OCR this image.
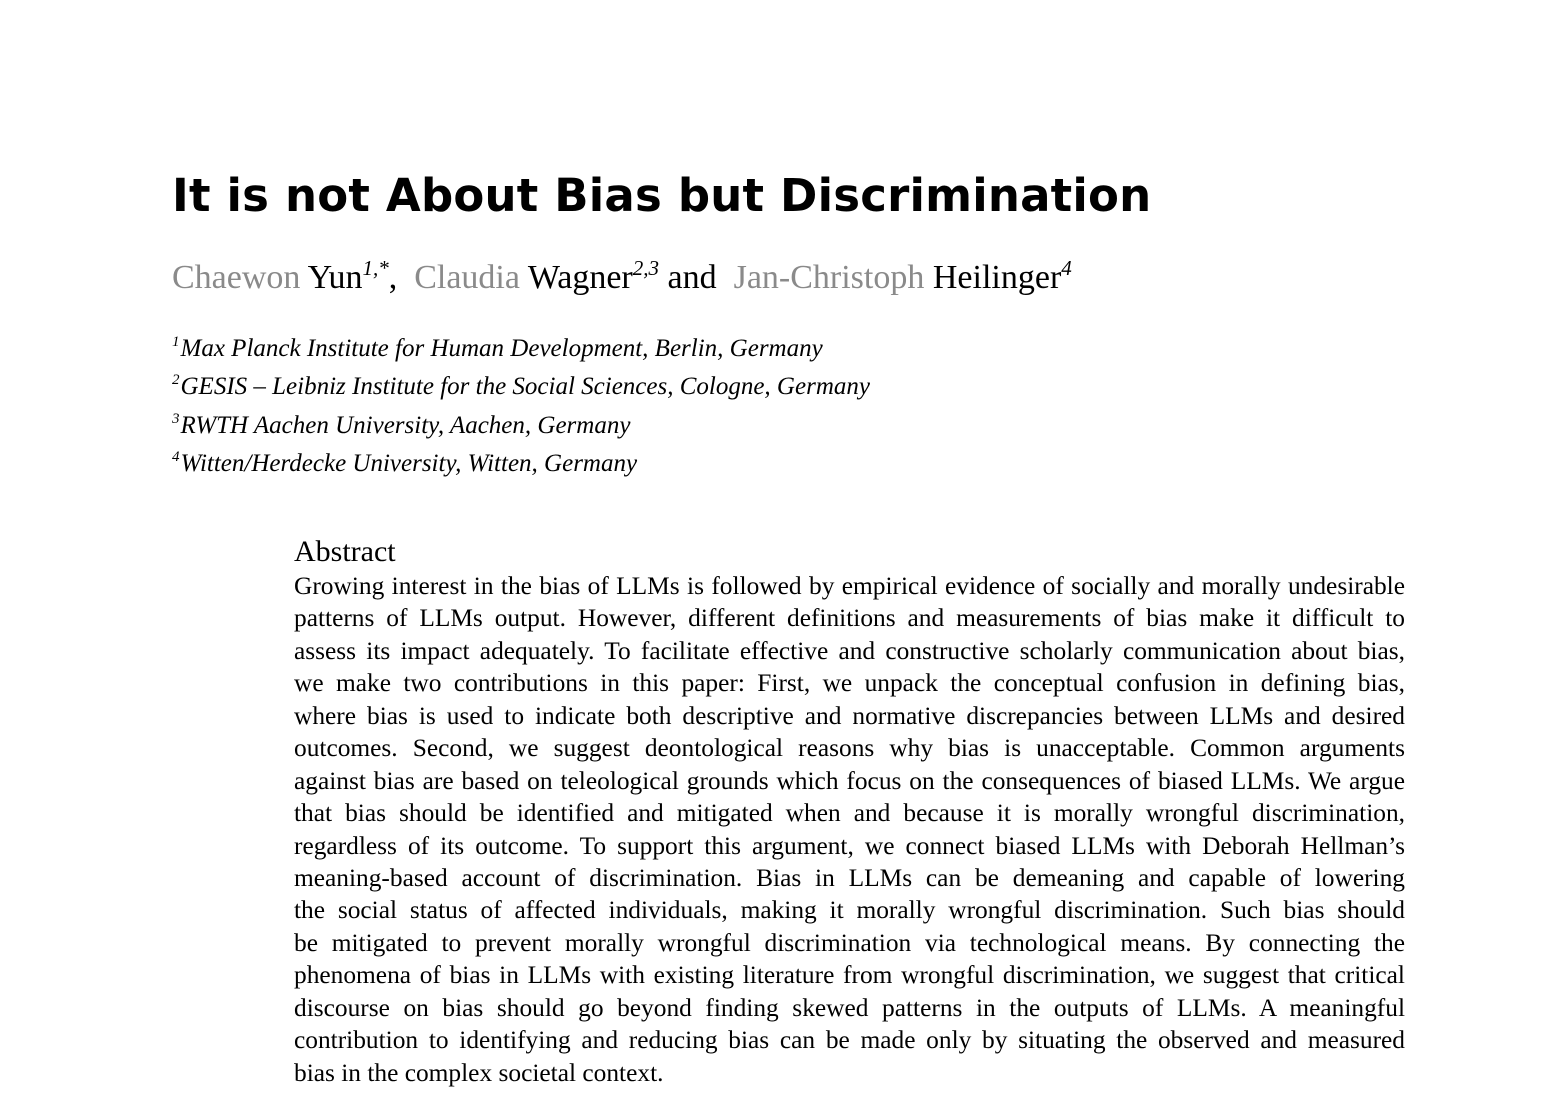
It is not About Bias but Discrimination

Chaewon Yun$^{1,*}$, Claudia Wagner$^{2,3}$ and Jan-Christoph Heilinger$^4$

$^1$Max Planck Institute for Human Development, Berlin, Germany
$^2$GESIS – Leibniz Institute for the Social Sciences, Cologne, Germany
$^3$RWTH Aachen University, Aachen, Germany
$^4$Witten/Herdecke University, Witten, Germany
Abstract
Growing interest in the bias of LLMs is followed by empirical evidence of socially and morally undesirable
patterns of LLMs output. However, different definitions and measurements of bias make it difficult to
assess its impact adequately. To facilitate effective and constructive scholarly communication about bias,
we make two contributions in this paper: First, we unpack the conceptual confusion in defining bias,
where bias is used to indicate both descriptive and normative discrepancies between LLMs and desired
outcomes. Second, we suggest deontological reasons why bias is unacceptable. Common arguments
against bias are based on teleological grounds which focus on the consequences of biased LLMs. We argue
that bias should be identified and mitigated when and because it is morally wrongful discrimination,
regardless of its outcome. To support this argument, we connect biased LLMs with Deborah Hellman’s
meaning-based account of discrimination. Bias in LLMs can be demeaning and capable of lowering
the social status of affected individuals, making it morally wrongful discrimination. Such bias should
be mitigated to prevent morally wrongful discrimination via technological means. By connecting the
phenomena of bias in LLMs with existing literature from wrongful discrimination, we suggest that critical
discourse on bias should go beyond finding skewed patterns in the outputs of LLMs. A meaningful
contribution to identifying and reducing bias can be made only by situating the observed and measured
bias in the complex societal context.
